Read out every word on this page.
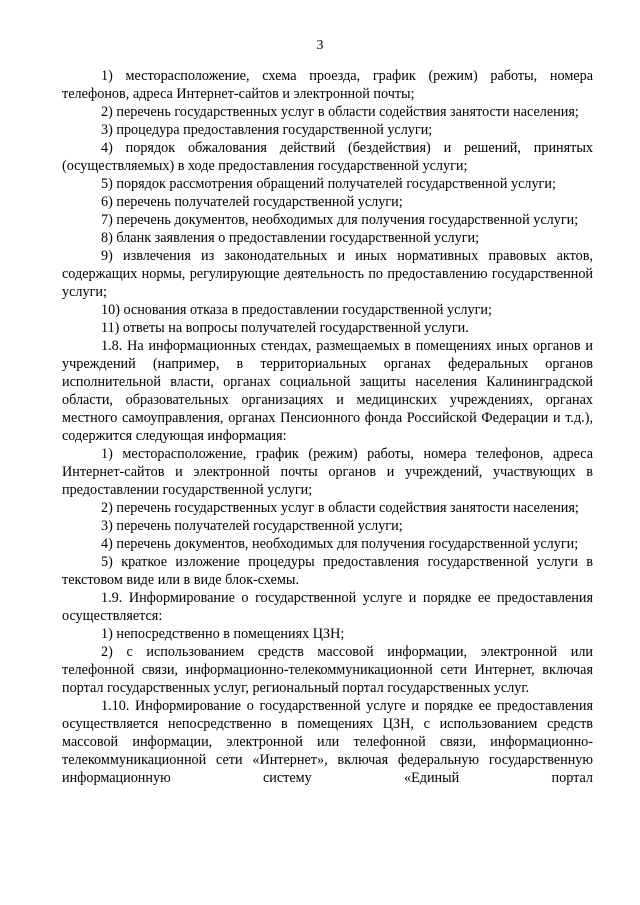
3

1) месторасположение, схема проезда, график (режим) работы, номера телефонов, адреса Интернет-сайтов и электронной почты;

2) перечень государственных услуг в области содействия занятости населения;

3) процедура предоставления государственной услуги;

4) порядок обжалования действий (бездействия) и решений, принятых (осуществляемых) в ходе предоставления государственной услуги;

5) порядок рассмотрения обращений получателей государственной услуги;

6) перечень получателей государственной услуги;

7) перечень документов, необходимых для получения государственной услуги;

8) бланк заявления о предоставлении государственной услуги;

9) извлечения из законодательных и иных нормативных правовых актов, содержащих нормы, регулирующие деятельность по предоставлению государственной услуги;

10) основания отказа в предоставлении государственной услуги;

11) ответы на вопросы получателей государственной услуги.

1.8. На информационных стендах, размещаемых в помещениях иных органов и учреждений (например, в территориальных органах федеральных органов исполнительной власти, органах социальной защиты населения Калининградской области, образовательных организациях и медицинских учреждениях, органах местного самоуправления, органах Пенсионного фонда Российской Федерации и т.д.), содержится следующая информация:

1) месторасположение, график (режим) работы, номера телефонов, адреса Интернет-сайтов и электронной почты органов и учреждений, участвующих в предоставлении государственной услуги;

2) перечень государственных услуг в области содействия занятости населения;

3) перечень получателей государственной услуги;

4) перечень документов, необходимых для получения государственной услуги;

5) краткое изложение процедуры предоставления государственной услуги в текстовом виде или в виде блок-схемы.

1.9. Информирование о государственной услуге и порядке ее предоставления осуществляется:

1) непосредственно в помещениях ЦЗН;

2) с использованием средств массовой информации, электронной или телефонной связи, информационно-телекоммуникационной сети Интернет, включая портал государственных услуг, региональный портал государственных услуг.

1.10. Информирование о государственной услуге и порядке ее предоставления осуществляется непосредственно в помещениях ЦЗН, с использованием средств массовой информации, электронной или телефонной связи, информационно-телекоммуникационной сети «Интернет», включая федеральную государственную информационную систему «Единый портал
